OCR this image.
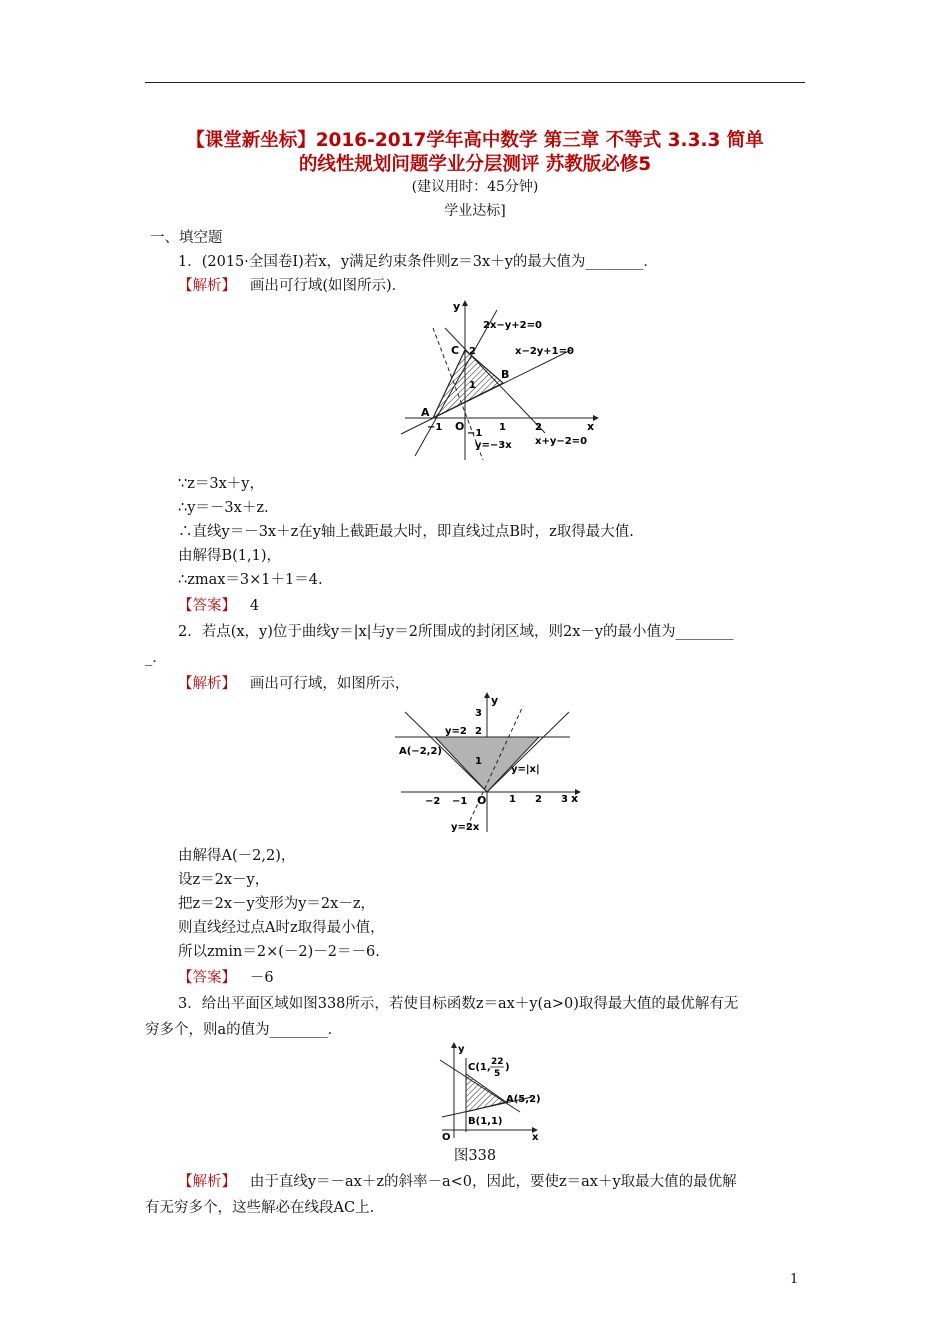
【课堂新坐标】2016-2017学年高中数学 第三章 不等式 3.3.3 简单
的线性规划问题学业分层测评 苏教版必修5
(建议用时：45分钟)
学业达标]
一、填空题
1．(2015·全国卷Ⅰ)若x，y满足约束条件则z＝3x＋y的最大值为________．
【解析】 画出可行域(如图所示)．
y
x
2x−y+2=0
x−2y+1=0
x+y−2=0
y=−3x
C 2
B
1
A
−1 O	1	2
−1
∵z＝3x＋y，
∴y＝－3x＋z.
∴直线y＝－3x＋z在y轴上截距最大时，即直线过点B时，z取得最大值.
由解得B(1,1)，
∴zmax＝3×1＋1＝4.
【答案】 4
2．若点(x，y)位于曲线y＝|x|与y＝2所围成的封闭区域，则2x－y的最小值为________
_．
【解析】 画出可行域，如图所示，
y
x
3
2
1
y=2
A(−2,2)
y=|x|
−2 −1 O 1 2 3
y=2x
由解得A(－2,2)，
设z＝2x－y，
把z＝2x－y变形为y＝2x－z，
则直线经过点A时z取得最小值，
所以zmin＝2×(－2)－2＝－6.
【答案】 －6
3．给出平面区域如图338所示，若使目标函数z＝ax＋y(a>0)取得最大值的最优解有无
穷多个，则a的值为________．
y
x
O
C(1, 22
5
)
A(5,2)
B(1,1)
图338
【解析】 由于直线y＝－ax＋z的斜率－a<0，因此，要使z＝ax＋y取最大值的最优解
有无穷多个，这些解必在线段AC上.
1
